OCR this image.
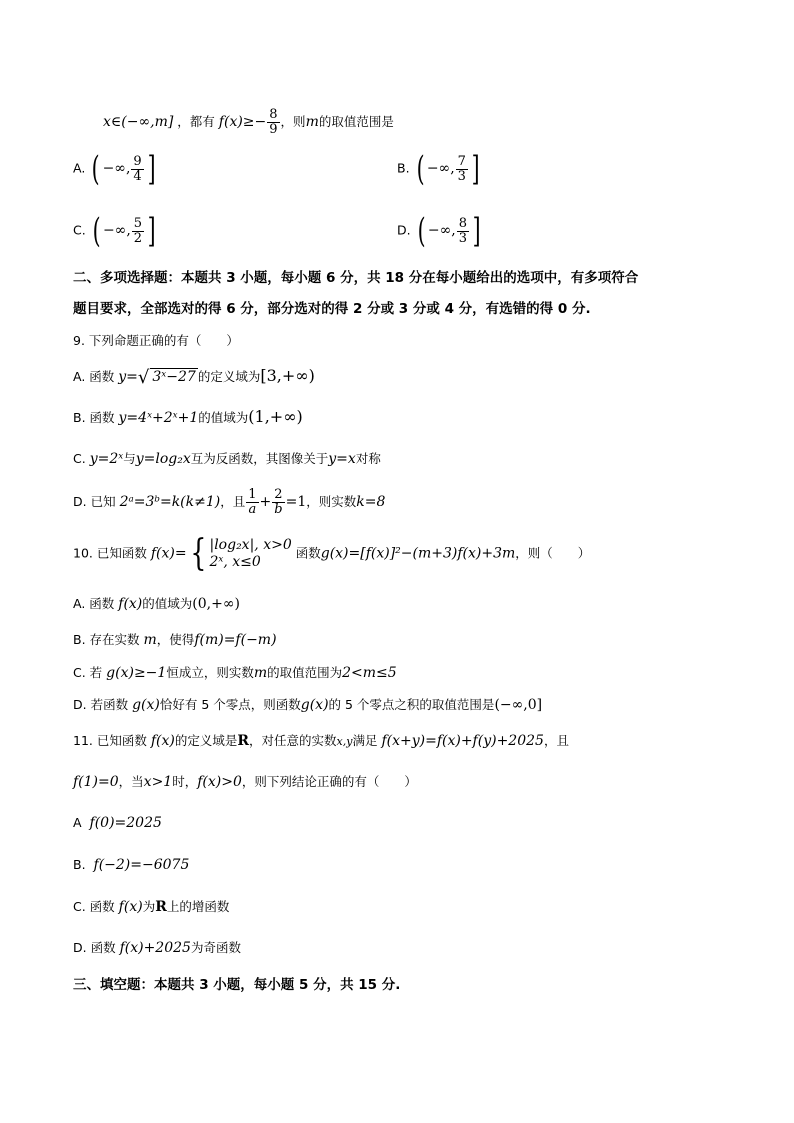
x∈(−∞,m] ，都有 $f(x)\ge- \frac{8}{9}$ ，则m的取值范围是
A. ( −∞, $\frac{9}{4}$ ]	B. ( −∞, $\frac{7}{3}$ ]
C. ( −∞, $\frac{5}{2}$ ]	D. ( −∞, $\frac{8}{3}$ ]
二、多项选择题：本题共 3 小题，每小题 6 分，共 18 分在每小题给出的选项中，有多项符合
题目要求，全部选对的得 6 分，部分选对的得 2 分或 3 分或 4 分，有选错的得 0 分.
9. 下列命题正确的有（　　）
A. 函数 y=√ 3ˣ−27 的定义域为[3,+∞)
B. 函数 y=4ˣ+2ˣ+1的值域为(1,+∞)
C. y=2ˣ与y=log₂x互为反函数，其图像关于y=x对称
D. 已知 2ᵃ=3ᵇ=k(k≠1)，且 $\frac{1}{a} + \frac{2}{b} =1$，则实数k=8
10. 已知函数 f(x)={ |log₂x|, x>0
2ˣ, x≤0
函数g(x)=[f(x)]²−(m+3)f(x)+3m，则（　　）
A. 函数 f(x)的值域为(0,+∞)
B. 存在实数 m，使得f(m)=f(−m)
C. 若 g(x)≥−1恒成立，则实数m的取值范围为2<m≤5
D. 若函数 g(x)恰好有 5 个零点，则函数g(x)的 5 个零点之积的取值范围是(−∞,0]
11. 已知函数 f(x)的定义域是R，对任意的实数x,y满足 f(x+y)=f(x)+f(y)+2025，且
f(1)=0，当x>1时，f(x)>0，则下列结论正确的有（　　）
A f(0)=2025
B. f(−2)=−6075
C. 函数 f(x)为R上的增函数
D. 函数 f(x)+2025为奇函数
三、填空题：本题共 3 小题，每小题 5 分，共 15 分.
